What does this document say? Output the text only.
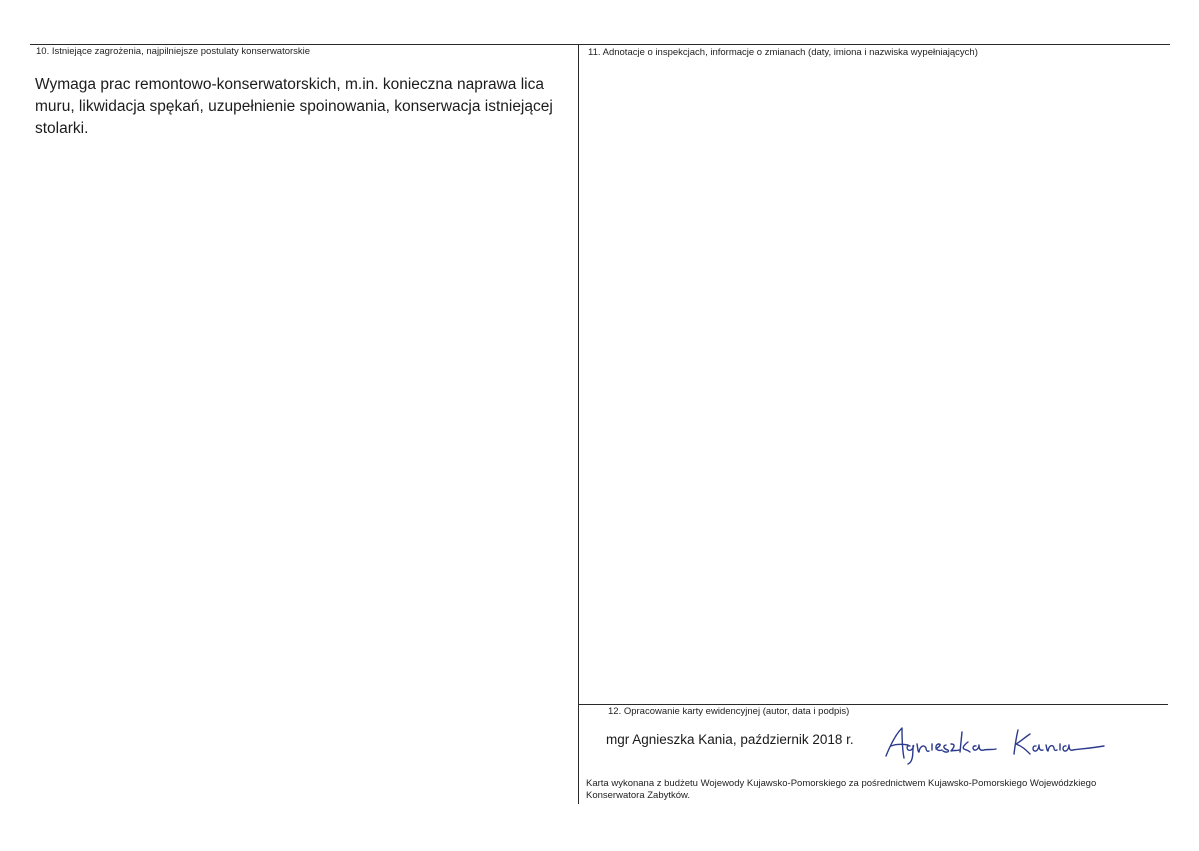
10. Istniejące zagrożenia, najpilniejsze postulaty konserwatorskie
Wymaga prac remontowo-konserwatorskich, m.in. konieczna naprawa lica muru, likwidacja spękań, uzupełnienie spoinowania, konserwacja istniejącej stolarki.
11. Adnotacje o inspekcjach, informacje o zmianach (daty, imiona i nazwiska wypełniających)
12. Opracowanie karty ewidencyjnej (autor, data i podpis)
mgr Agnieszka Kania, październik 2018 r.
Karta wykonana z budżetu Wojewody Kujawsko-Pomorskiego za pośrednictwem Kujawsko-Pomorskiego Wojewódzkiego Konserwatora Zabytków.
